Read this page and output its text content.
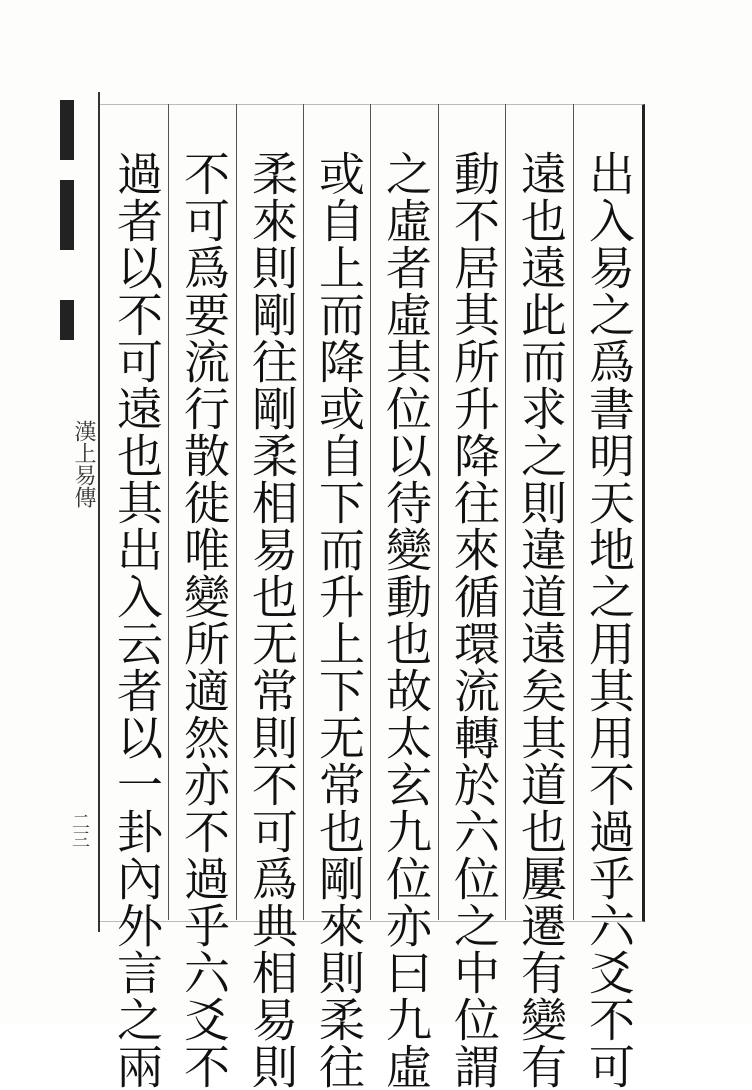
漢上易傳
二三	出入易之爲書明天地之用其用不過乎六爻不可
遠也遠此而求之則違道遠矣其道也屢遷有變有
動不居其所升降往來循環流轉於六位之中位謂
之虛者虛其位以待變動也故太玄九位亦曰九虛
或自上而降或自下而升上下无常也剛來則柔往
柔來則剛往剛柔相易也无常則不可爲典相易則
不可爲要流行散徙唯變所適然亦不過乎六爻不
過者以不可遠也其出入云者以一卦內外言之兩
